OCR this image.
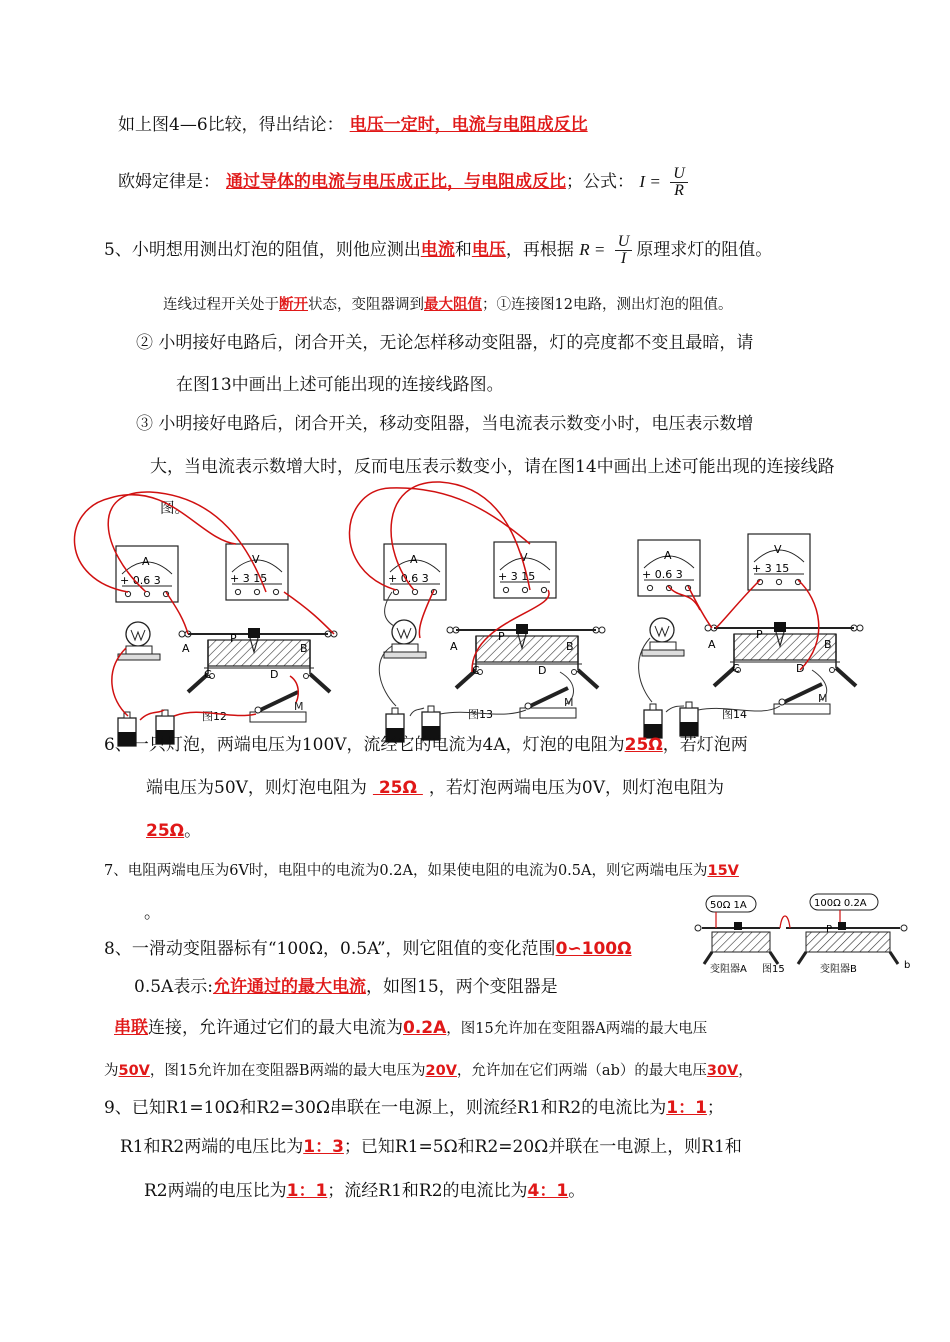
如上图4—6比较，得出结论： 电压一定时，电流与电阻成反比
欧姆定律是： 通过导体的电流与电压成正比，与电阻成反比；公式： $I = \frac{U}{R}$
5、小明想用测出灯泡的阻值，则他应测出电流和电压，再根据 $R = \frac{U}{I}$ 原理求灯的阻值。
连线过程开关处于断开状态，变阻器调到最大阻值；①连接图12电路，测出灯泡的阻值。
② 小明接好电路后，闭合开关，无论怎样移动变阻器，灯的亮度都不变且最暗，请
在图13中画出上述可能出现的连接线路图。
③ 小明接好电路后，闭合开关，移动变阻器，当电流表示数变小时，电压表示数增
大，当电流表示数增大时，反而电压表示数变小，请在图14中画出上述可能出现的连接线路
图。
M
A
+ 0.6 3
V
+ 3 15
A	B
P
C	D
图12
A
+ 0.6 3
V
+ 3 15
A	B
P
C	D
图13
A
+ 0.6 3
V
+ 3 15
A	B
P
C	D
图14
6、一只灯泡，两端电压为100V，流经它的电流为4A，灯泡的电阻为25Ω，若灯泡两
端电压为50V，则灯泡电阻为 25Ω ，若灯泡两端电压为0V，则灯泡电阻为
25Ω。
7、电阻两端电压为6V时，电阻中的电流为0.2A，如果使电阻的电流为0.5A，则它两端电压为15V
。
8、一滑动变阻器标有“100Ω，0.5A”，则它阻值的变化范围0∽100Ω
50Ω 1A	100Ω 0.2A
变阻器A 图15
P
变阻器B	b
0.5A表示:允许通过的最大电流，如图15，两个变阻器是
串联连接，允许通过它们的最大电流为0.2A，图15允许加在变阻器A两端的最大电压
为50V，图15允许加在变阻器B两端的最大电压为20V，允许加在它们两端（ab）的最大电压30V，
9、已知R1=10Ω和R2=30Ω串联在一电源上，则流经R1和R2的电流比为1：1；
R1和R2两端的电压比为1：3；已知R1=5Ω和R2=20Ω并联在一电源上，则R1和
R2两端的电压比为1：1；流经R1和R2的电流比为4：1。
